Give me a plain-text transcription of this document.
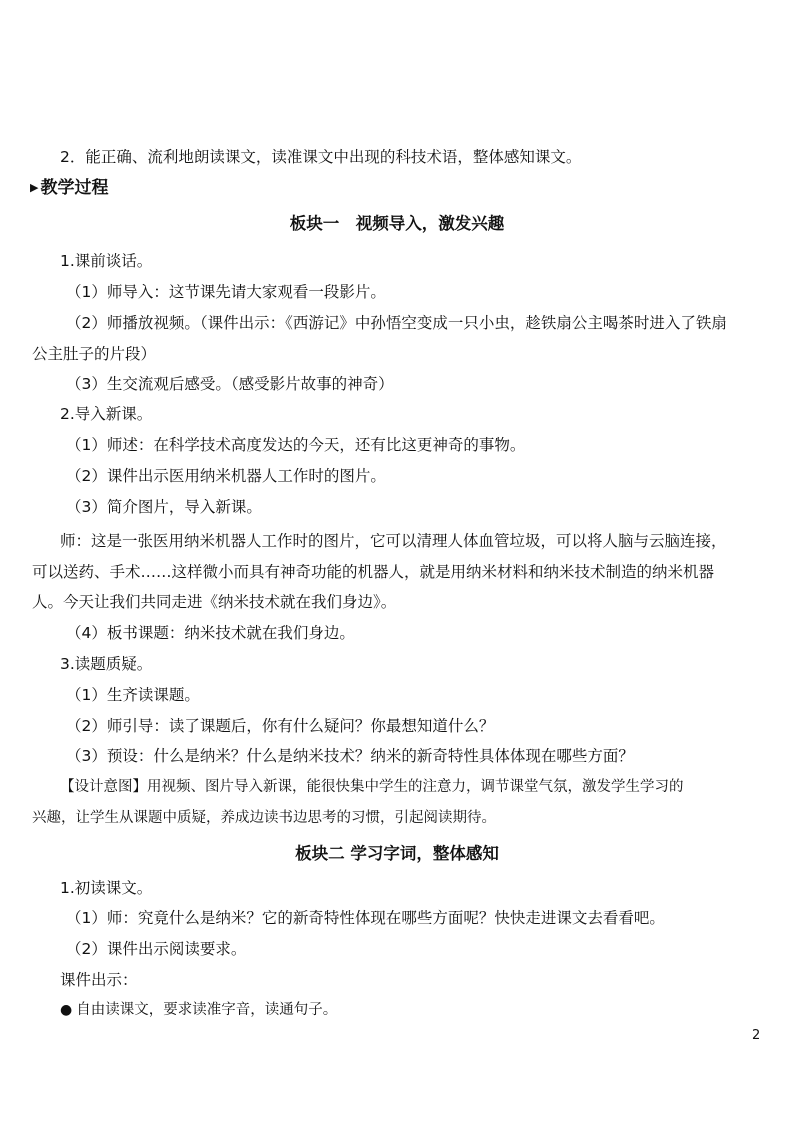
2．能正确、流利地朗读课文，读准课文中出现的科技术语，整体感知课文。
▶ 教学过程
板块一　视频导入，激发兴趣
1.课前谈话。
（1）师导入：这节课先请大家观看一段影片。
（2）师播放视频。（课件出示：《西游记》中孙悟空变成一只小虫，趁铁扇公主喝茶时进入了铁扇
公主肚子的片段）
（3）生交流观后感受。（感受影片故事的神奇）
2.导入新课。
（1）师述：在科学技术高度发达的今天，还有比这更神奇的事物。
（2）课件出示医用纳米机器人工作时的图片。
（3）简介图片，导入新课。
师：这是一张医用纳米机器人工作时的图片，它可以清理人体血管垃圾，可以将人脑与云脑连接，
可以送药、手术……这样微小而具有神奇功能的机器人，就是用纳米材料和纳米技术制造的纳米机器
人。今天让我们共同走进《纳米技术就在我们身边》。
（4）板书课题：纳米技术就在我们身边。
3.读题质疑。
（1）生齐读课题。
（2）师引导：读了课题后，你有什么疑问？你最想知道什么？
（3）预设：什么是纳米？什么是纳米技术？纳米的新奇特性具体体现在哪些方面？
【设计意图】用视频、图片导入新课，能很快集中学生的注意力，调节课堂气氛，激发学生学习的
兴趣，让学生从课题中质疑，养成边读书边思考的习惯，引起阅读期待。
板块二 学习字词，整体感知
1.初读课文。
（1）师：究竟什么是纳米？它的新奇特性体现在哪些方面呢？快快走进课文去看看吧。
（2）课件出示阅读要求。
课件出示：
● 自由读课文，要求读准字音，读通句子。
2
